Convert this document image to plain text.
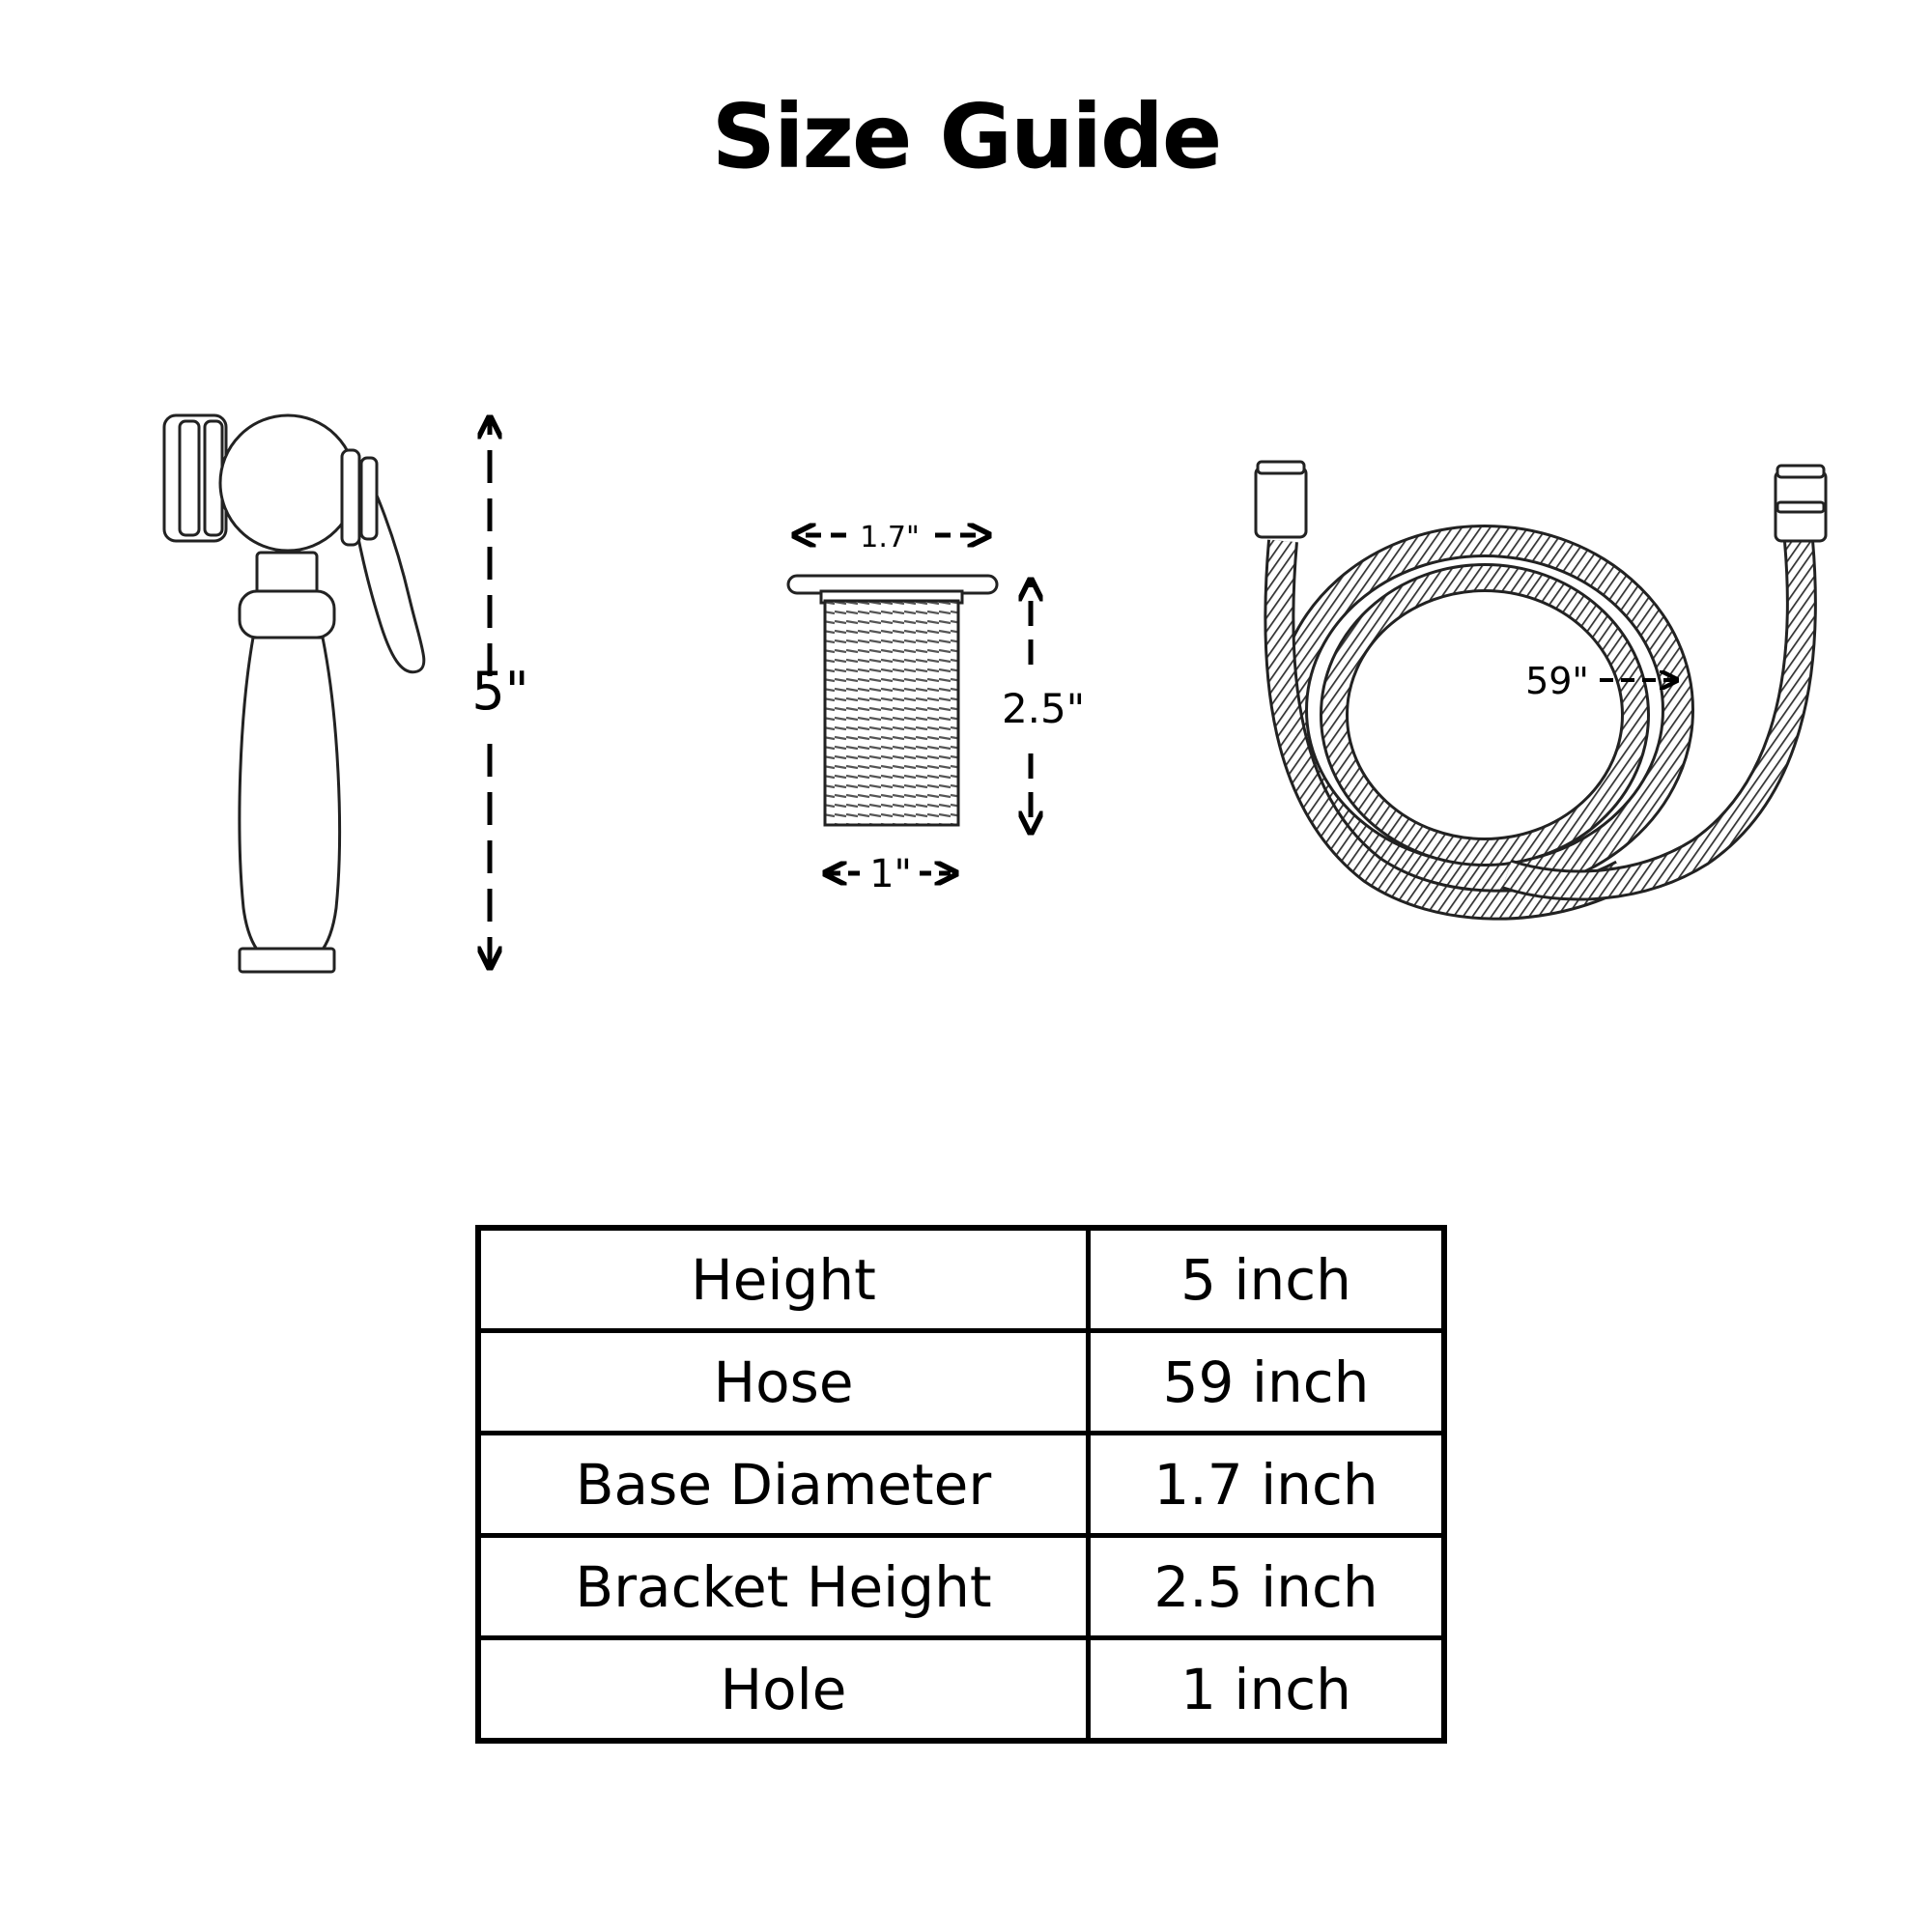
Size Guide
5"
1.7"
2.5"
1"
59"
Height	5 inch
Hose	59 inch
Base Diameter	1.7 inch
Bracket Height	2.5 inch
Hole	1 inch
